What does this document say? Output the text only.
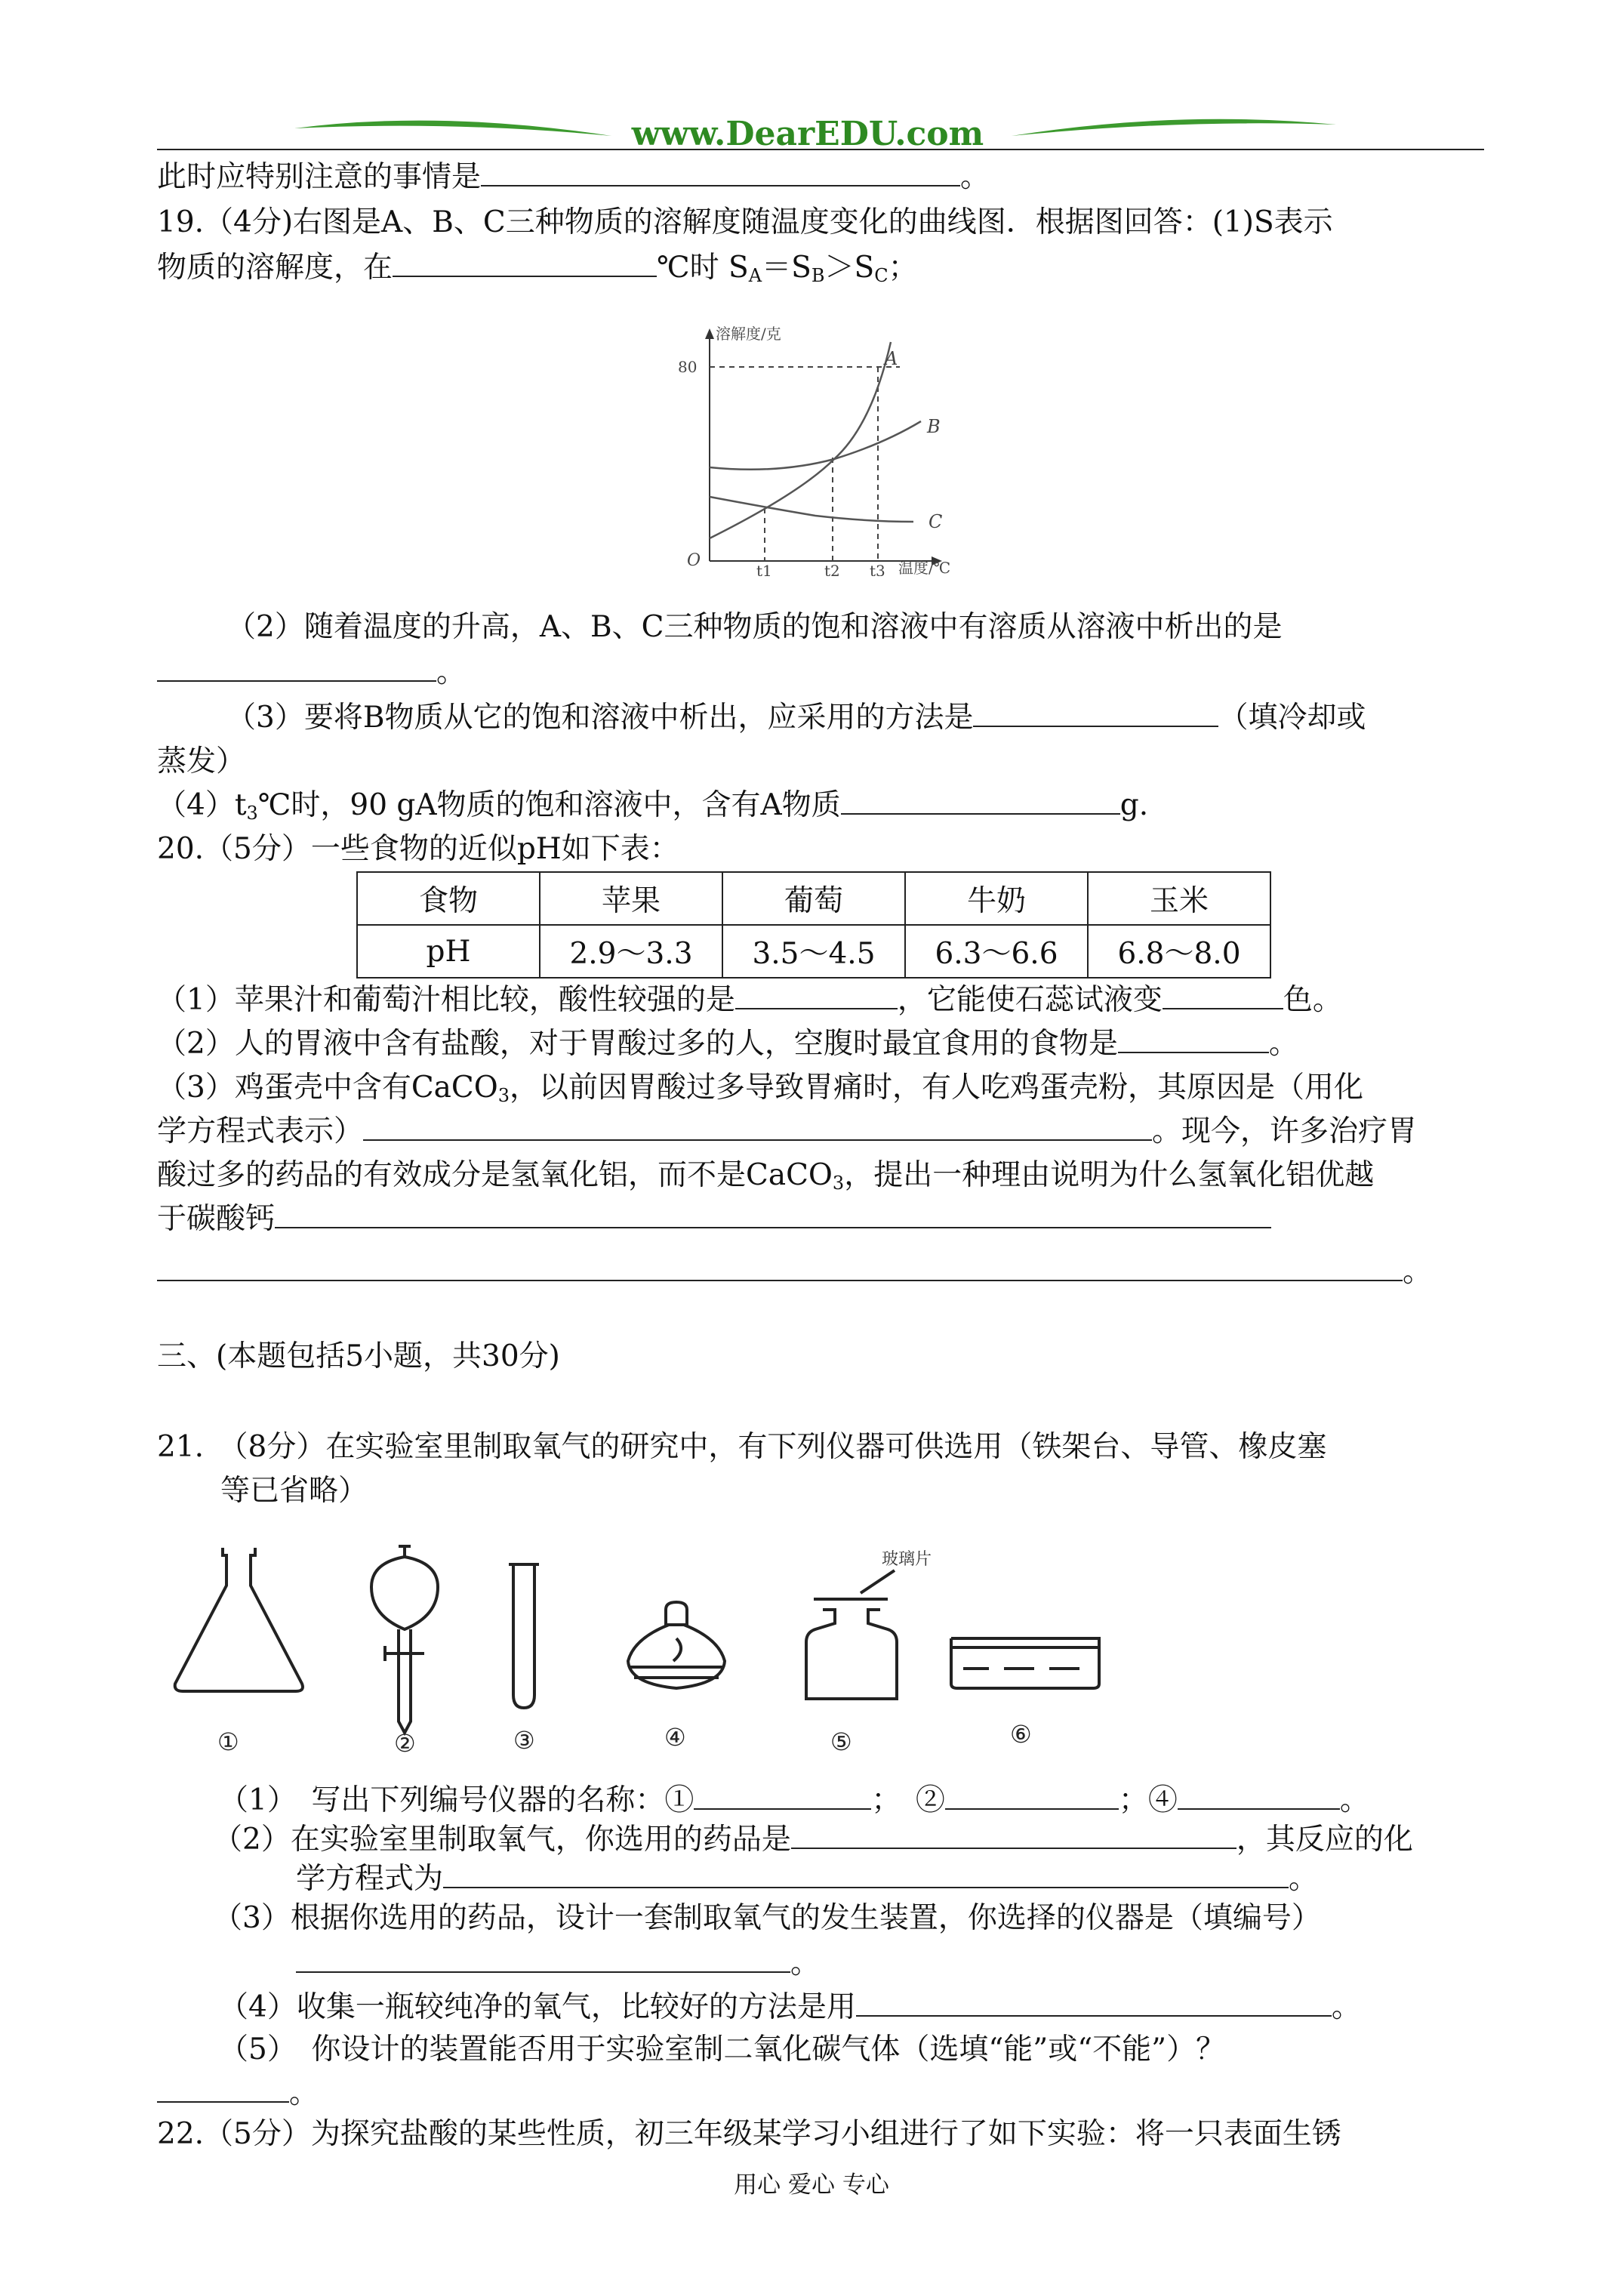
www.DearEDU.com
此时应特别注意的事情是	。
19.（4分)右图是A、B、C三种物质的溶解度随温度变化的曲线图．根据图回答：(1)S表示
物质的溶解度，在	℃时 $S_A=S_B>S_C$；
溶解度/克
温度/℃
80
O
A
B
C
t1	t2 t3
（2）随着温度的升高，A、B、C三种物质的饱和溶液中有溶质从溶液中析出的是
。
（3）要将B物质从它的饱和溶液中析出，应采用的方法是	（填冷却或
蒸发）
$(4)t_3℃$时，90 gA物质的饱和溶液中，含有A物质	g.
20.（5分）一些食物的近似pH如下表：
食物	苹果	葡萄	牛奶	玉米
pH	2.9～3.3	3.5～4.5	6.3～6.6	6.8～8.0
（1）苹果汁和葡萄汁相比较，酸性较强的是	，它能使石蕊试液变	色。
（2）人的胃液中含有盐酸，对于胃酸过多的人，空腹时最宜食用的食物是	。
（3）鸡蛋壳中含有CaCO$_3$，以前因胃酸过多导致胃痛时，有人吃鸡蛋壳粉，其原因是（用化
学方程式表示）	。现今，许多治疗胃
酸过多的药品的有效成分是氢氧化铝，而不是CaCO$_3$，提出一种理由说明为什么氢氧化铝优越
于碳酸钙
。
三、(本题包括5小题，共30分)
21.　（8分）在实验室里制取氧气的研究中，有下列仪器可供选用（铁架台、导管、橡皮塞
等已省略）
玻璃片
①	②	③	④	⑤	⑥
（1）　写出下列编号仪器的名称：①	；　②	；④	。
（2）在实验室里制取氧气，你选用的药品是	，其反应的化
学方程式为	。
（3）根据你选用的药品，设计一套制取氧气的发生装置，你选择的仪器是（填编号）
。
（4）收集一瓶较纯净的氧气，比较好的方法是用	。
（5）　你设计的装置能否用于实验室制二氧化碳气体（选填“能”或“不能”）？
。
22.（5分）为探究盐酸的某些性质，初三年级某学习小组进行了如下实验：将一只表面生锈
用心 爱心 专心
